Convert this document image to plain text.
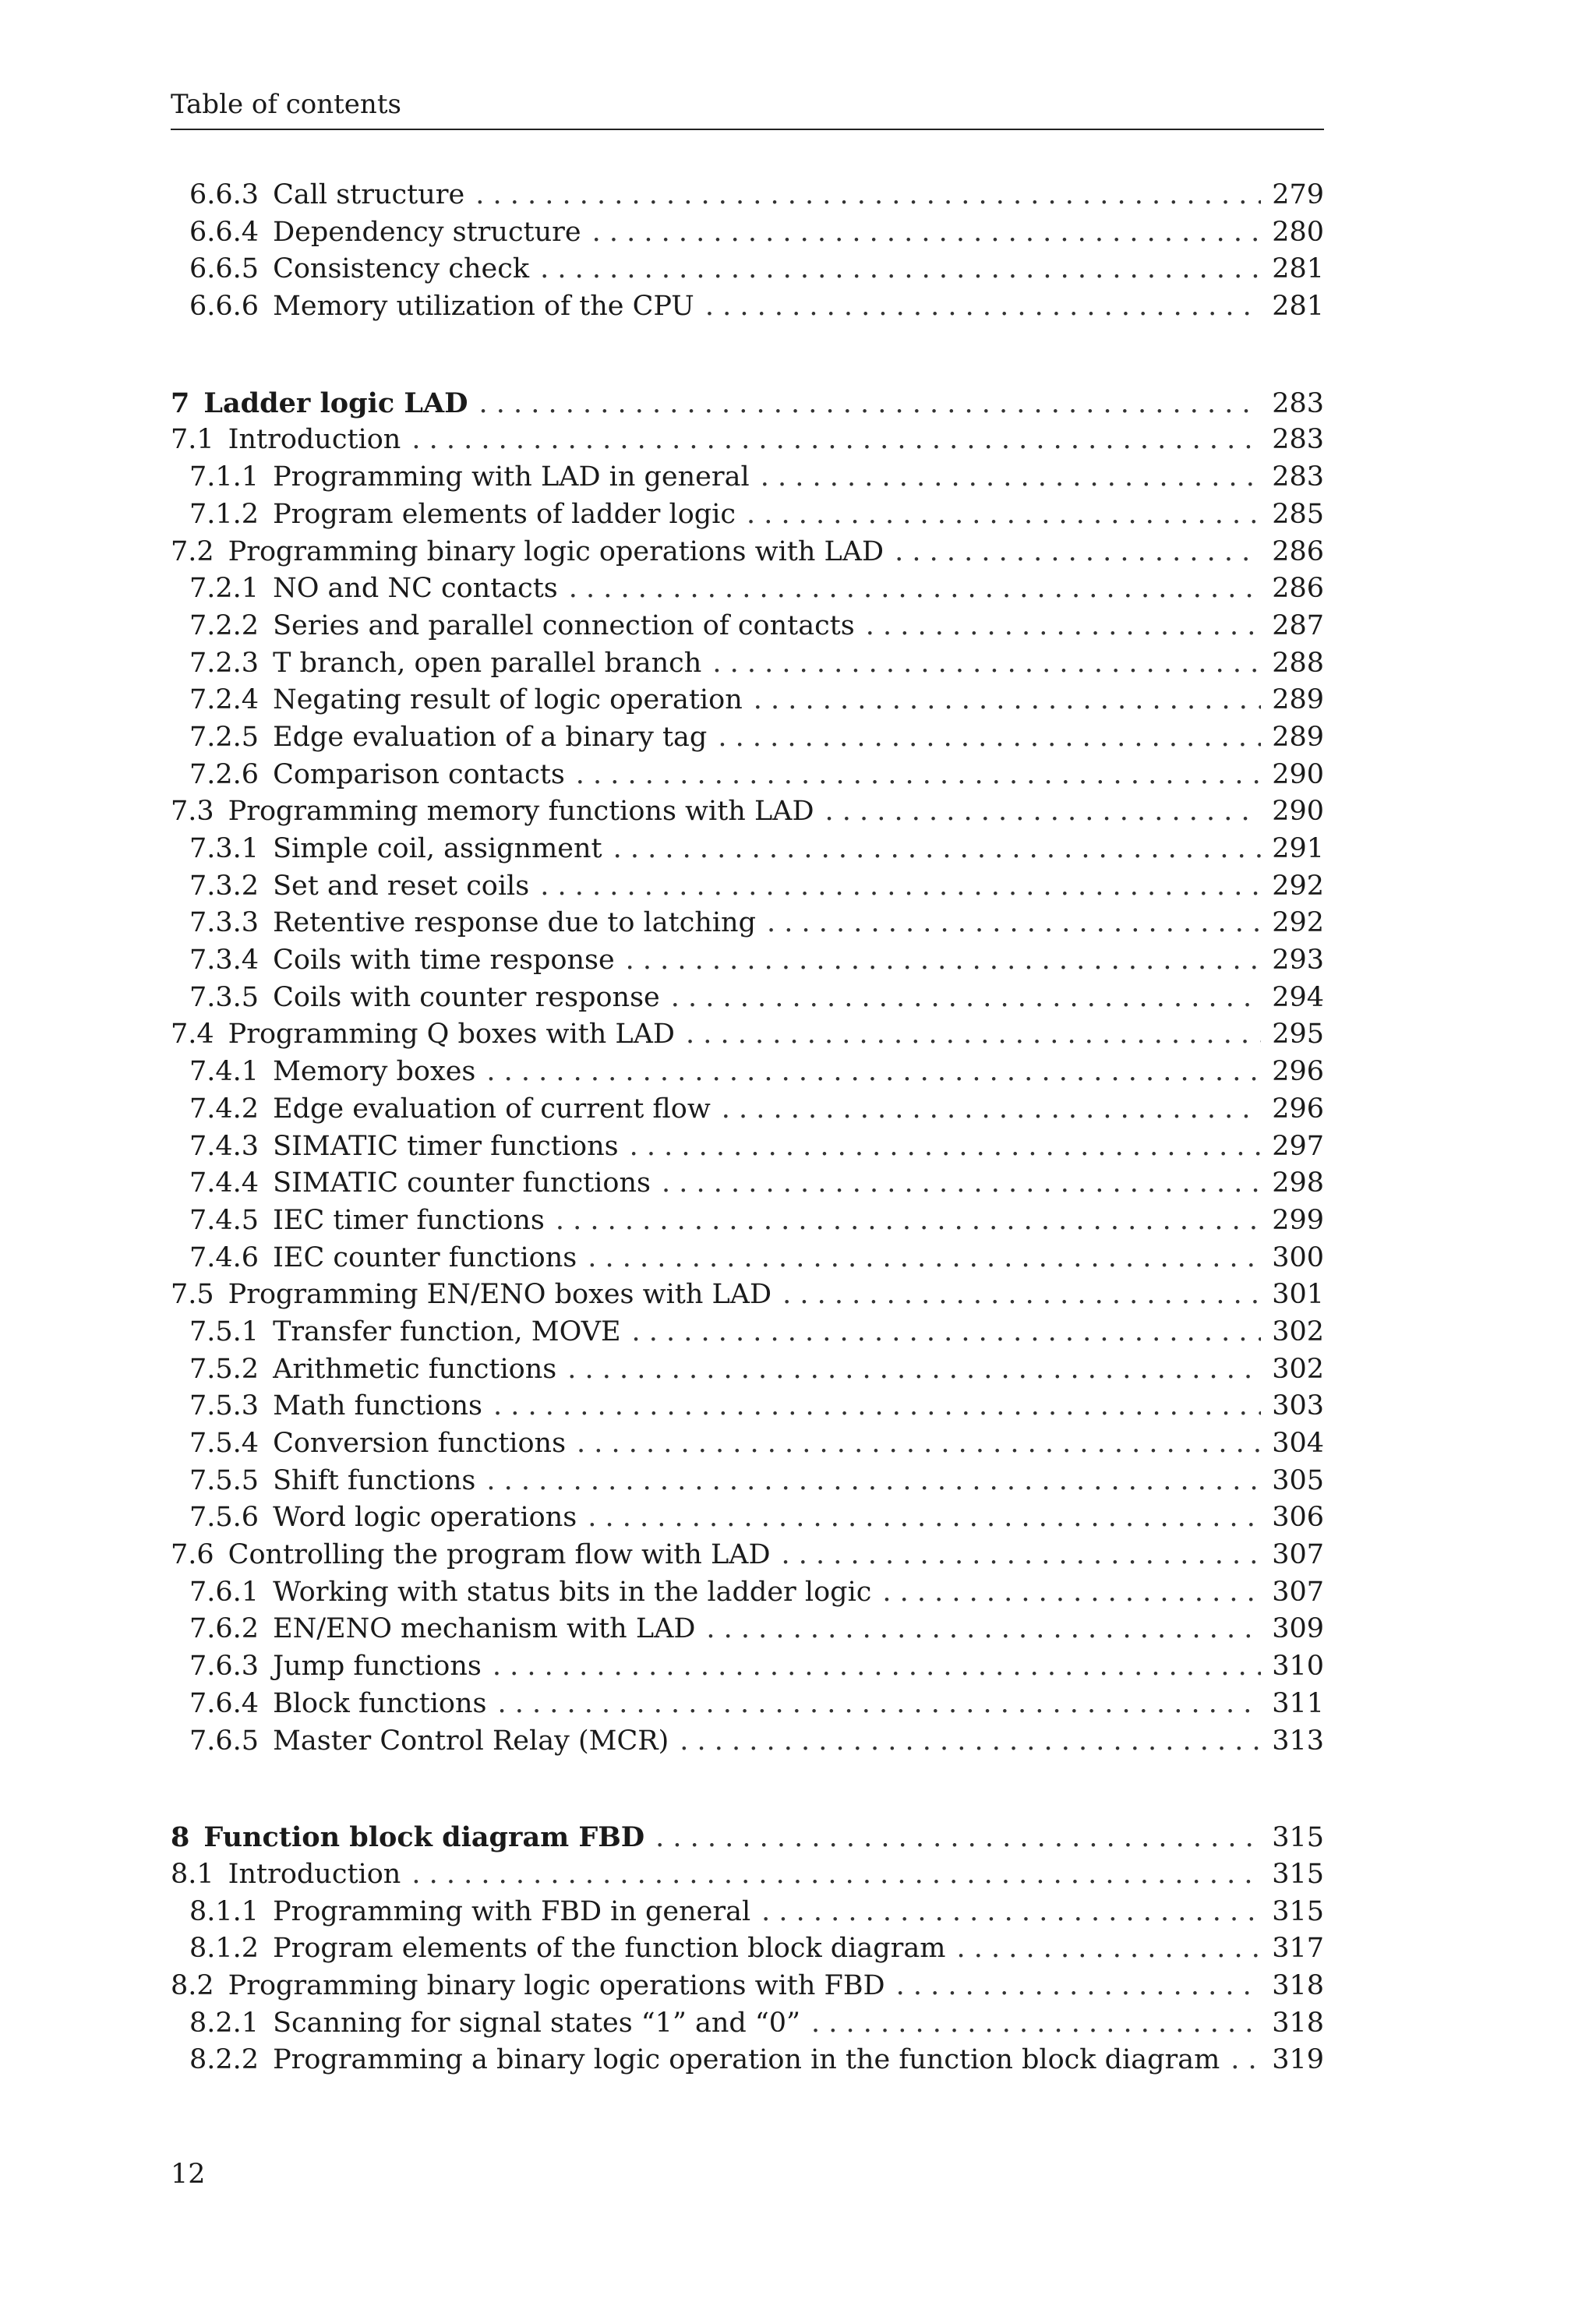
Table of contents
6.6.3 Call structure . . .	279
6.6.4 Dependency structure . . .	280
6.6.5 Consistency check . . .	281
6.6.6 Memory utilization of the CPU . . .	281
7 Ladder logic LAD . . .	283
7.1 Introduction . . .	283
7.1.1 Programming with LAD in general . . .	283
7.1.2 Program elements of ladder logic . . .	285
7.2 Programming binary logic operations with LAD . . .	286
7.2.1 NO and NC contacts . . .	286
7.2.2 Series and parallel connection of contacts . . .	287
7.2.3 T branch, open parallel branch . . .	288
7.2.4 Negating result of logic operation . . .	289
7.2.5 Edge evaluation of a binary tag . . .	289
7.2.6 Comparison contacts . . .	290
7.3 Programming memory functions with LAD . . .	290
7.3.1 Simple coil, assignment . . .	291
7.3.2 Set and reset coils . . .	292
7.3.3 Retentive response due to latching . . .	292
7.3.4 Coils with time response . . .	293
7.3.5 Coils with counter response . . .	294
7.4 Programming Q boxes with LAD . . .	295
7.4.1 Memory boxes . . .	296
7.4.2 Edge evaluation of current flow . . .	296
7.4.3 SIMATIC timer functions . . .	297
7.4.4 SIMATIC counter functions . . .	298
7.4.5 IEC timer functions . . .	299
7.4.6 IEC counter functions . . .	300
7.5 Programming EN/ENO boxes with LAD . . .	301
7.5.1 Transfer function, MOVE . . .	302
7.5.2 Arithmetic functions . . .	302
7.5.3 Math functions . . .	303
7.5.4 Conversion functions . . .	304
7.5.5 Shift functions . . .	305
7.5.6 Word logic operations . . .	306
7.6 Controlling the program flow with LAD . . .	307
7.6.1 Working with status bits in the ladder logic . . .	307
7.6.2 EN/ENO mechanism with LAD . . .	309
7.6.3 Jump functions . . .	310
7.6.4 Block functions . . .	311
7.6.5 Master Control Relay (MCR) . . .	313
8 Function block diagram FBD . . .	315
8.1 Introduction . . .	315
8.1.1 Programming with FBD in general . . .	315
8.1.2 Program elements of the function block diagram . . .	317
8.2 Programming binary logic operations with FBD . . .	318
8.2.1 Scanning for signal states “1” and “0” . . .	318
8.2.2 Programming a binary logic operation in the function block diagram . . . 319
12
